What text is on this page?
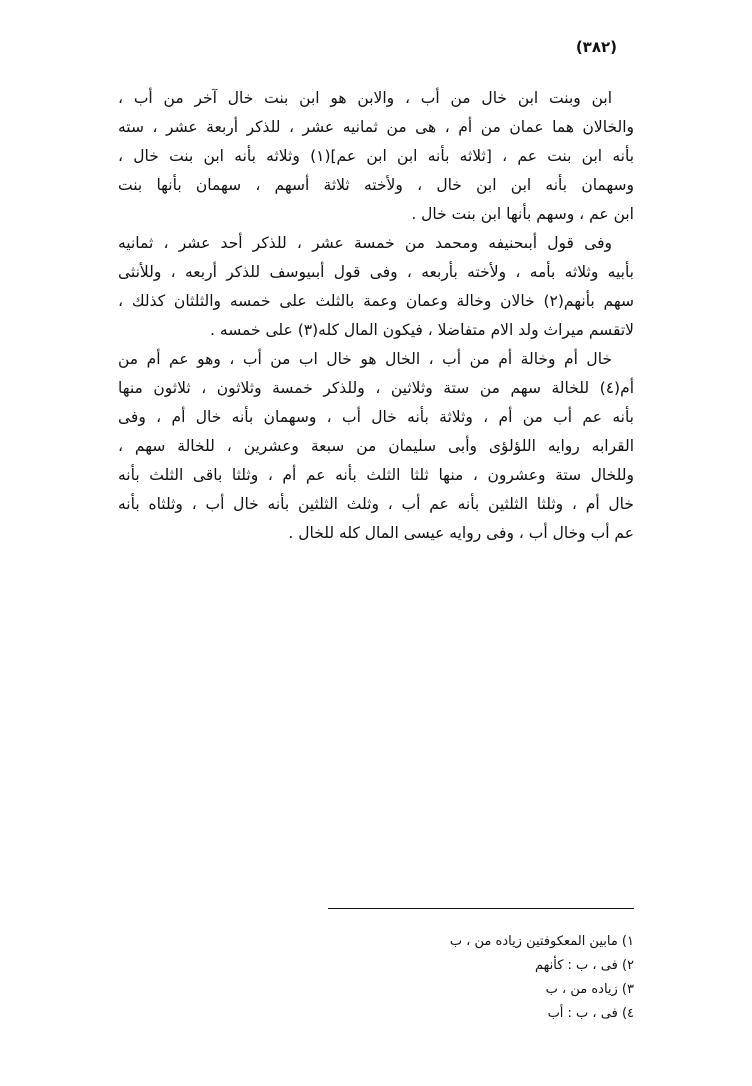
(٣٨٢)
ابن وبنت ابن خال من أب ، والابن هو ابن بنت خال آخر من أب ،
والخالان هما عمان من أم ، هى من ثمانيه عشر ، للذكر أربعة عشر ، سته
بأنه ابن بنت عم ، [ثلاثه بأنه ابن ابن عم](١) وثلاثه بأنه ابن بنت خال ،
وسهمان بأنه ابن ابن خال ، ولأخته ثلاثة أسهم ، سهمان بأنها بنت
ابن عم ، وسهم بأنها ابن بنت خال .
وفى قول أبىحنيفه ومحمد من خمسة عشر ، للذكر أحد عشر ، ثمانيه
بأبيه وثلاثه بأمه ، ولأخته بأربعه ، وفى قول أبىيوسف للذكر أربعه ، وللأنثى
سهم بأنهم(٢) خالان وخالة وعمان وعمة بالثلث على خمسه والثلثان كذلك ،
لاتقسم ميراث ولد الام متفاضلا ، فيكون المال كله(٣) على خمسه .
خال أم وخالة أم من أب ، الخال هو خال اب من أب ، وهو عم أم من
أم(٤) للخالة سهم من ستة وثلاثين ، وللذكر خمسة وثلاثون ، ثلاثون منها
بأنه عم أب من أم ، وثلاثة بأنه خال أب ، وسهمان بأنه خال أم ، وفى
القرابه روايه اللؤلؤى وأبى سليمان من سبعة وعشرين ، للخالة سهم ،
وللخال ستة وعشرون ، منها ثلثا الثلث بأنه عم أم ، وثلثا باقى الثلث بأنه
خال أم ، وثلثا الثلثين بأنه عم أب ، وثلث الثلثين بأنه خال أب ، وثلثاه بأنه
عم أب وخال أب ، وفى روايه عيسى المال كله للخال .
١) مابين المعكوفتين زياده من ، ب
٢) فى ، ب : كأنهم
٣) زياده من ، ب
٤) فى ، ب : أب
